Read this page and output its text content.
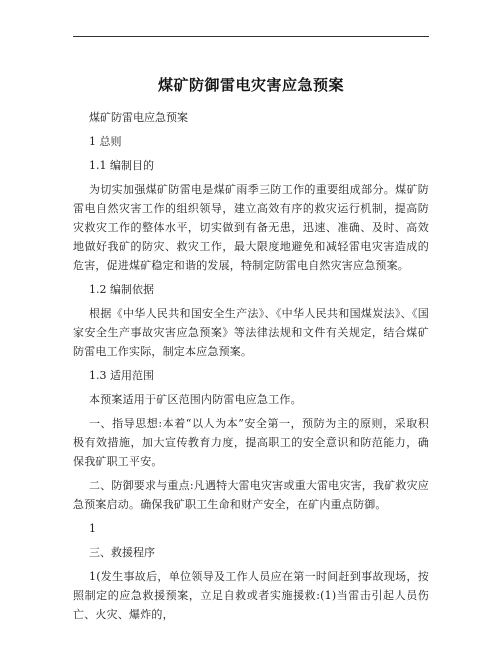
煤矿防御雷电灾害应急预案

煤矿防雷电应急预案

1 总则

1.1 编制目的

为切实加强煤矿防雷电是煤矿雨季三防工作的重要组成部分。煤矿防雷电自然灾害工作的组织领导，建立高效有序的救灾运行机制，提高防灾救灾工作的整体水平，切实做到有备无患，迅速、准确、及时、高效地做好我矿的防灾、救灾工作，最大限度地避免和减轻雷电灾害造成的危害，促进煤矿稳定和谐的发展，特制定防雷电自然灾害应急预案。

1.2 编制依据

根据《中华人民共和国安全生产法》、《中华人民共和国煤炭法》、《国家安全生产事故灾害应急预案》等法律法规和文件有关规定，结合煤矿防雷电工作实际，制定本应急预案。

1.3 适用范围

本预案适用于矿区范围内防雷电应急工作。

一、指导思想:本着“以人为本”安全第一，预防为主的原则，采取积极有效措施，加大宣传教育力度，提高职工的安全意识和防范能力，确保我矿职工平安。

二、防御要求与重点:凡遇特大雷电灾害或重大雷电灾害，我矿救灾应急预案启动。确保我矿职工生命和财产安全，在矿内重点防御。

1

三、救援程序

1(发生事故后，单位领导及工作人员应在第一时间赶到事故现场，按照制定的应急救援预案，立足自救或者实施援救:(1)当雷击引起人员伤亡、火灾、爆炸的，
